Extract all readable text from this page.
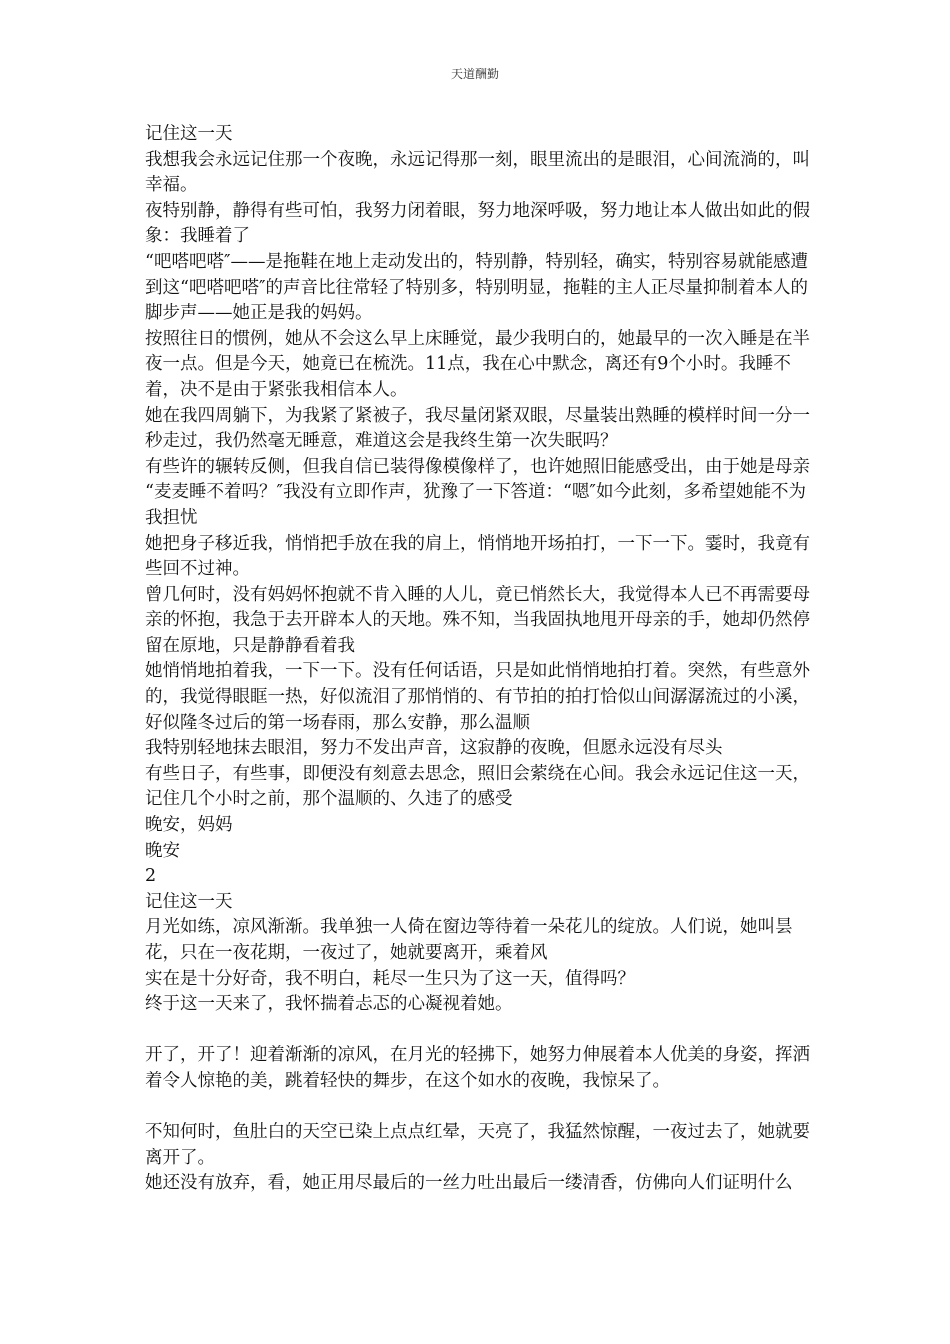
天道酬勤

记住这一天

我想我会永远记住那一个夜晚，永远记得那一刻，眼里流出的是眼泪，心间流淌的，叫幸福。

夜特别静，静得有些可怕，我努力闭着眼，努力地深呼吸，努力地让本人做出如此的假象：我睡着了

“吧嗒吧嗒″——是拖鞋在地上走动发出的，特别静，特别轻，确实，特别容易就能感遭到这“吧嗒吧嗒″的声音比往常轻了特别多，特别明显，拖鞋的主人正尽量抑制着本人的脚步声——她正是我的妈妈。

按照往日的惯例，她从不会这么早上床睡觉，最少我明白的，她最早的一次入睡是在半夜一点。但是今天，她竟已在梳洗。11点，我在心中默念，离还有9个小时。我睡不着，决不是由于紧张我相信本人。

她在我四周躺下，为我紧了紧被子，我尽量闭紧双眼，尽量装出熟睡的模样时间一分一秒走过，我仍然毫无睡意，难道这会是我终生第一次失眠吗？

有些许的辗转反侧，但我自信已装得像模像样了，也许她照旧能感受出，由于她是母亲

“麦麦睡不着吗？″我没有立即作声，犹豫了一下答道：“嗯″如今此刻，多希望她能不为我担忧

她把身子移近我，悄悄把手放在我的肩上，悄悄地开场拍打，一下一下。霎时，我竟有些回不过神。

曾几何时，没有妈妈怀抱就不肯入睡的人儿，竟已悄然长大，我觉得本人已不再需要母亲的怀抱，我急于去开辟本人的天地。殊不知，当我固执地甩开母亲的手，她却仍然停留在原地，只是静静看着我

她悄悄地拍着我，一下一下。没有任何话语，只是如此悄悄地拍打着。突然，有些意外的，我觉得眼眶一热，好似流泪了那悄悄的、有节拍的拍打恰似山间潺潺流过的小溪，好似隆冬过后的第一场春雨，那么安静，那么温顺

我特别轻地抹去眼泪，努力不发出声音，这寂静的夜晚，但愿永远没有尽头

有些日子，有些事，即便没有刻意去思念，照旧会萦绕在心间。我会永远记住这一天，记住几个小时之前，那个温顺的、久违了的感受

晚安，妈妈

晚安

2

记住这一天

月光如练，凉风渐渐。我单独一人倚在窗边等待着一朵花儿的绽放。人们说，她叫昙花，只在一夜花期，一夜过了，她就要离开，乘着风

实在是十分好奇，我不明白，耗尽一生只为了这一天，值得吗？

终于这一天来了，我怀揣着忐忑的心凝视着她。

开了，开了！迎着渐渐的凉风，在月光的轻拂下，她努力伸展着本人优美的身姿，挥洒着令人惊艳的美，跳着轻快的舞步，在这个如水的夜晚，我惊呆了。

不知何时，鱼肚白的天空已染上点点红晕，天亮了，我猛然惊醒，一夜过去了，她就要离开了。

她还没有放弃，看，她正用尽最后的一丝力吐出最后一缕清香，仿佛向人们证明什么
